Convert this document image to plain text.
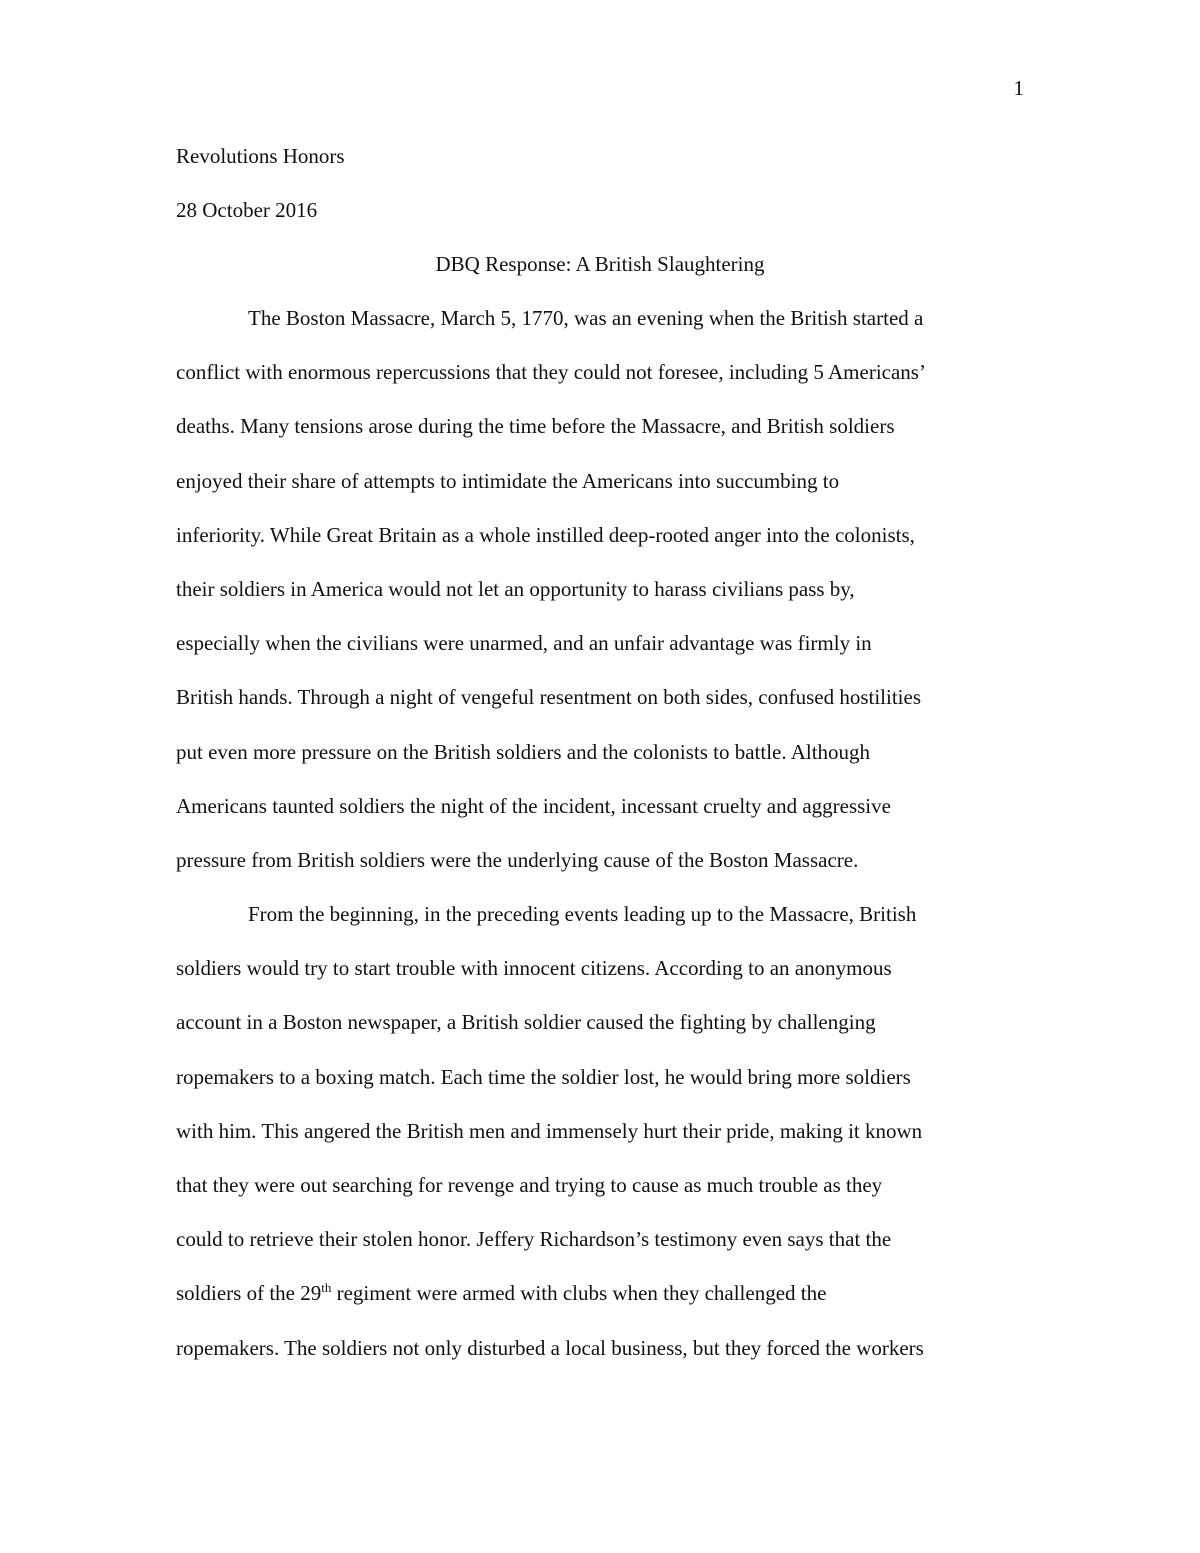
1
Revolutions Honors
28 October 2016
DBQ Response: A British Slaughtering
The Boston Massacre, March 5, 1770, was an evening when the British started a
conflict with enormous repercussions that they could not foresee, including 5 Americans’
deaths. Many tensions arose during the time before the Massacre, and British soldiers
enjoyed their share of attempts to intimidate the Americans into succumbing to
inferiority. While Great Britain as a whole instilled deep-rooted anger into the colonists,
their soldiers in America would not let an opportunity to harass civilians pass by,
especially when the civilians were unarmed, and an unfair advantage was firmly in
British hands. Through a night of vengeful resentment on both sides, confused hostilities
put even more pressure on the British soldiers and the colonists to battle. Although
Americans taunted soldiers the night of the incident, incessant cruelty and aggressive
pressure from British soldiers were the underlying cause of the Boston Massacre.
From the beginning, in the preceding events leading up to the Massacre, British
soldiers would try to start trouble with innocent citizens. According to an anonymous
account in a Boston newspaper, a British soldier caused the fighting by challenging
ropemakers to a boxing match. Each time the soldier lost, he would bring more soldiers
with him. This angered the British men and immensely hurt their pride, making it known
that they were out searching for revenge and trying to cause as much trouble as they
could to retrieve their stolen honor. Jeffery Richardson’s testimony even says that the
soldiers of the 29th regiment were armed with clubs when they challenged the
ropemakers. The soldiers not only disturbed a local business, but they forced the workers
